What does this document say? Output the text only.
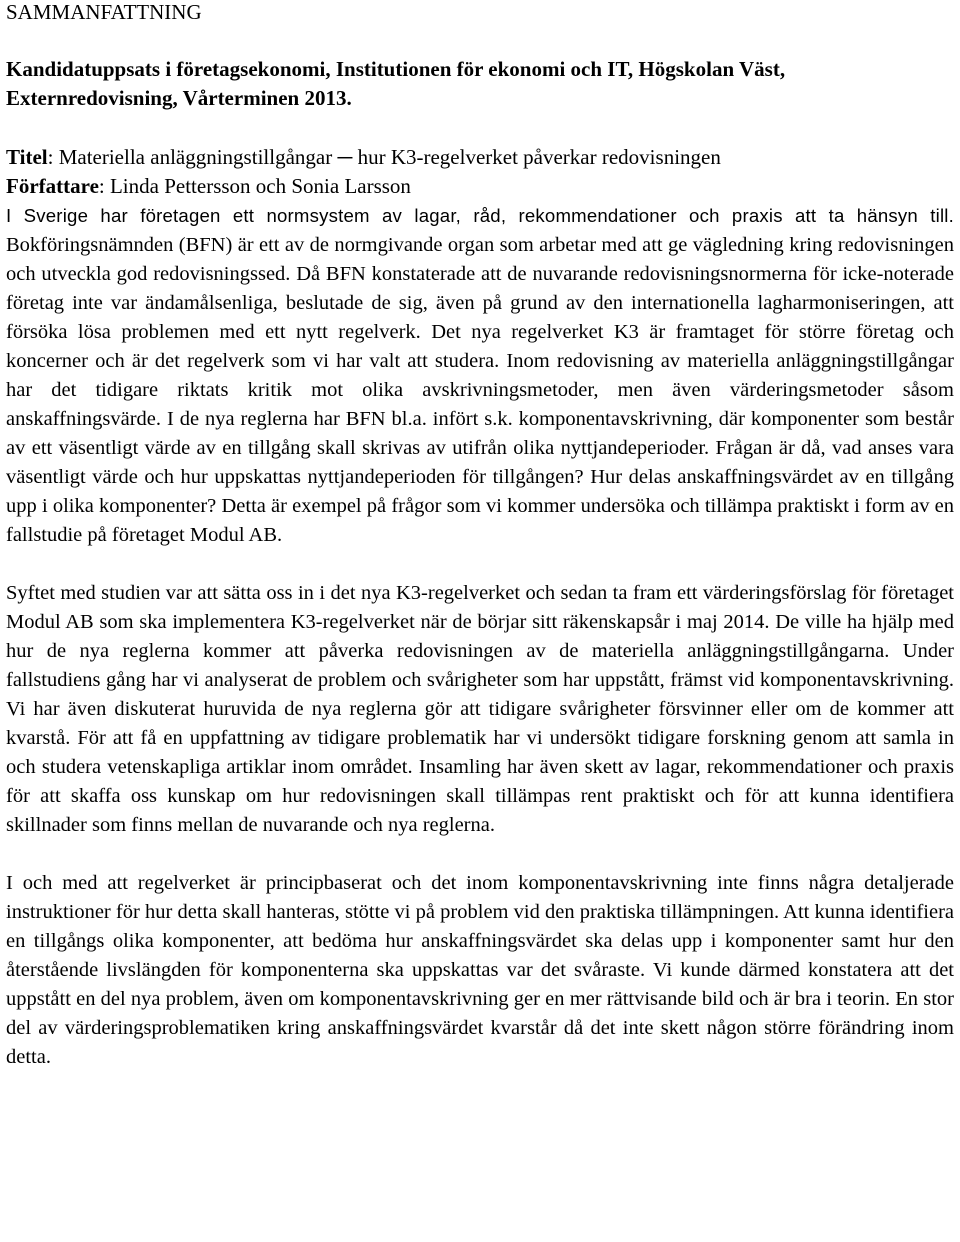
SAMMANFATTNING

Kandidatuppsats i företagsekonomi, Institutionen för ekonomi och IT, Högskolan Väst, Externredovisning, Vårterminen 2013.

Titel: Materiella anläggningstillgångar ─ hur K3-regelverket påverkar redovisningen
Författare: Linda Pettersson och Sonia Larsson

I Sverige har företagen ett normsystem av lagar, råd, rekommendationer och praxis att ta hänsyn till. Bokföringsnämnden (BFN) är ett av de normgivande organ som arbetar med att ge vägledning kring redovisningen och utveckla god redovisningssed. Då BFN konstaterade att de nuvarande redovisningsnormerna för icke-noterade företag inte var ändamålsenliga, beslutade de sig, även på grund av den internationella lagharmoniseringen, att försöka lösa problemen med ett nytt regelverk. Det nya regelverket K3 är framtaget för större företag och koncerner och är det regelverk som vi har valt att studera. Inom redovisning av materiella anläggningstillgångar har det tidigare riktats kritik mot olika avskrivningsmetoder, men även värderingsmetoder såsom anskaffningsvärde. I de nya reglerna har BFN bl.a. infört s.k. komponentavskrivning, där komponenter som består av ett väsentligt värde av en tillgång skall skrivas av utifrån olika nyttjandeperioder. Frågan är då, vad anses vara väsentligt värde och hur uppskattas nyttjandeperioden för tillgången? Hur delas anskaffningsvärdet av en tillgång upp i olika komponenter? Detta är exempel på frågor som vi kommer undersöka och tillämpa praktiskt i form av en fallstudie på företaget Modul AB.

Syftet med studien var att sätta oss in i det nya K3-regelverket och sedan ta fram ett värderingsförslag för företaget Modul AB som ska implementera K3-regelverket när de börjar sitt räkenskapsår i maj 2014. De ville ha hjälp med hur de nya reglerna kommer att påverka redovisningen av de materiella anläggningstillgångarna. Under fallstudiens gång har vi analyserat de problem och svårigheter som har uppstått, främst vid komponentavskrivning. Vi har även diskuterat huruvida de nya reglerna gör att tidigare svårigheter försvinner eller om de kommer att kvarstå. För att få en uppfattning av tidigare problematik har vi undersökt tidigare forskning genom att samla in och studera vetenskapliga artiklar inom området. Insamling har även skett av lagar, rekommendationer och praxis för att skaffa oss kunskap om hur redovisningen skall tillämpas rent praktiskt och för att kunna identifiera skillnader som finns mellan de nuvarande och nya reglerna.

I och med att regelverket är principbaserat och det inom komponentavskrivning inte finns några detaljerade instruktioner för hur detta skall hanteras, stötte vi på problem vid den praktiska tillämpningen. Att kunna identifiera en tillgångs olika komponenter, att bedöma hur anskaffningsvärdet ska delas upp i komponenter samt hur den återstående livslängden för komponenterna ska uppskattas var det svåraste. Vi kunde därmed konstatera att det uppstått en del nya problem, även om komponentavskrivning ger en mer rättvisande bild och är bra i teorin. En stor del av värderingsproblematiken kring anskaffningsvärdet kvarstår då det inte skett någon större förändring inom detta.
